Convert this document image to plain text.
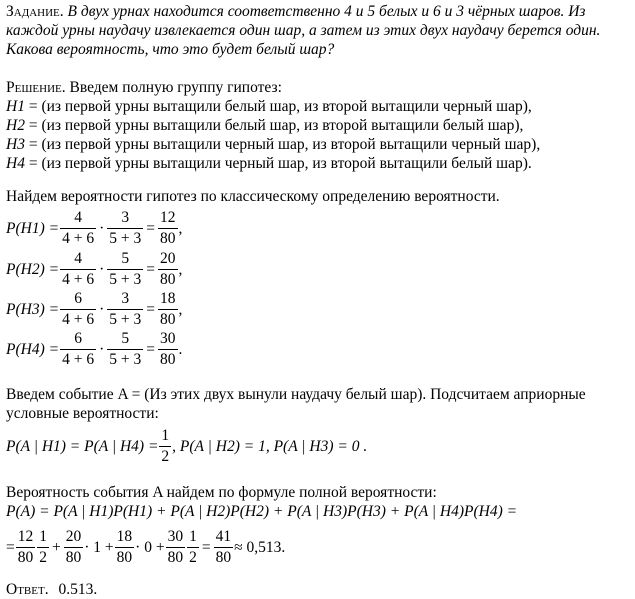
Задание. В двух урнах находится соответственно 4 и 5 белых и 6 и 3 чёрных шаров. Из каждой урны наудачу извлекается один шар, а затем из этих двух наудачу берется один. Какова вероятность, что это будет белый шар?
Решение. Введем полную группу гипотез:
H1 = (из первой урны вытащили белый шар, из второй вытащили черный шар),
H2 = (из первой урны вытащили белый шар, из второй вытащили белый шар),
H3 = (из первой урны вытащили черный шар, из второй вытащили черный шар),
H4 = (из первой урны вытащили черный шар, из второй вытащили белый шар).
Найдем вероятности гипотез по классическому определению вероятности.
$P(H1) = \frac{4}{4 + 6} \cdot \frac{3}{5 + 3} = \frac{12}{80}$ ,
$P(H2) = \frac{4}{4 + 6} \cdot \frac{5}{5 + 3} = \frac{20}{80}$ ,
$P(H3) = \frac{6}{4 + 6} \cdot \frac{3}{5 + 3} = \frac{18}{80}$ ,
$P(H4) = \frac{6}{4 + 6} \cdot \frac{5}{5 + 3} = \frac{30}{80}$ .
Введем событие A = (Из этих двух вынули наудачу белый шар). Подсчитаем априорные
условные вероятности:
P(A | H1) = P(A | $H4) = \frac{1}{2}$ , P(A | H2) = 1, P(A | H3) = 0 .
Вероятность события A найдем по формуле полной вероятности:
P(A) = P(A | H1)P(H1) + P(A | H2)P(H2) + P(A | H3)P(H3) + P(A | H4)P(H4) =
= $\frac{12}{80} \frac{1}{2} + \frac{20}{80} \cdot 1 + \frac{18}{80} \cdot 0 + \frac{30}{80} \frac{1}{2} = \frac{41}{80} \approx 0,513$.
Ответ. 0.513.
